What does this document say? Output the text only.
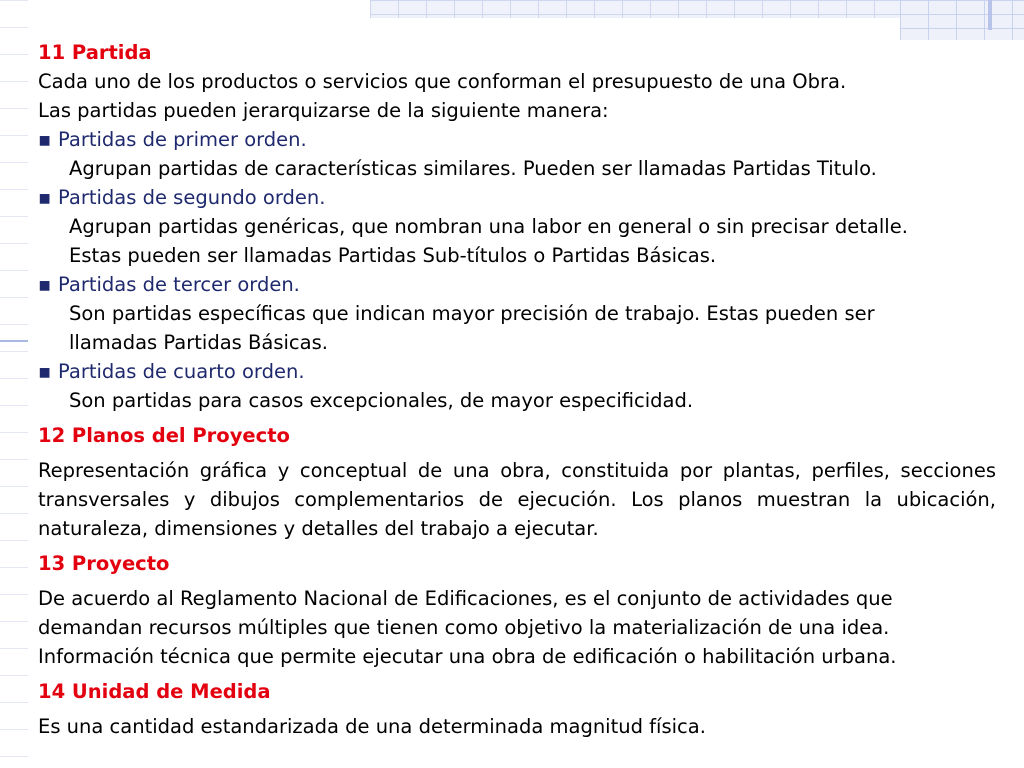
11 Partida

Cada uno de los productos o servicios que conforman el presupuesto de una Obra.

Las partidas pueden jerarquizarse de la siguiente manera:

▪ Partidas de primer orden.

Agrupan partidas de características similares. Pueden ser llamadas Partidas Titulo.

▪ Partidas de segundo orden.

Agrupan partidas genéricas, que nombran una labor en general o sin precisar detalle.

Estas pueden ser llamadas Partidas Sub-títulos o Partidas Básicas.

▪ Partidas de tercer orden.

Son partidas específicas que indican mayor precisión de trabajo. Estas pueden ser

llamadas Partidas Básicas.

▪ Partidas de cuarto orden.

Son partidas para casos excepcionales, de mayor especificidad.

12 Planos del Proyecto

Representación gráfica y conceptual de una obra, constituida por plantas, perfiles, secciones transversales y dibujos complementarios de ejecución. Los planos muestran la ubicación, naturaleza, dimensiones y detalles del trabajo a ejecutar.

13 Proyecto

De acuerdo al Reglamento Nacional de Edificaciones, es el conjunto de actividades que

demandan recursos múltiples que tienen como objetivo la materialización de una idea.

Información técnica que permite ejecutar una obra de edificación o habilitación urbana.

14 Unidad de Medida

Es una cantidad estandarizada de una determinada magnitud física.
